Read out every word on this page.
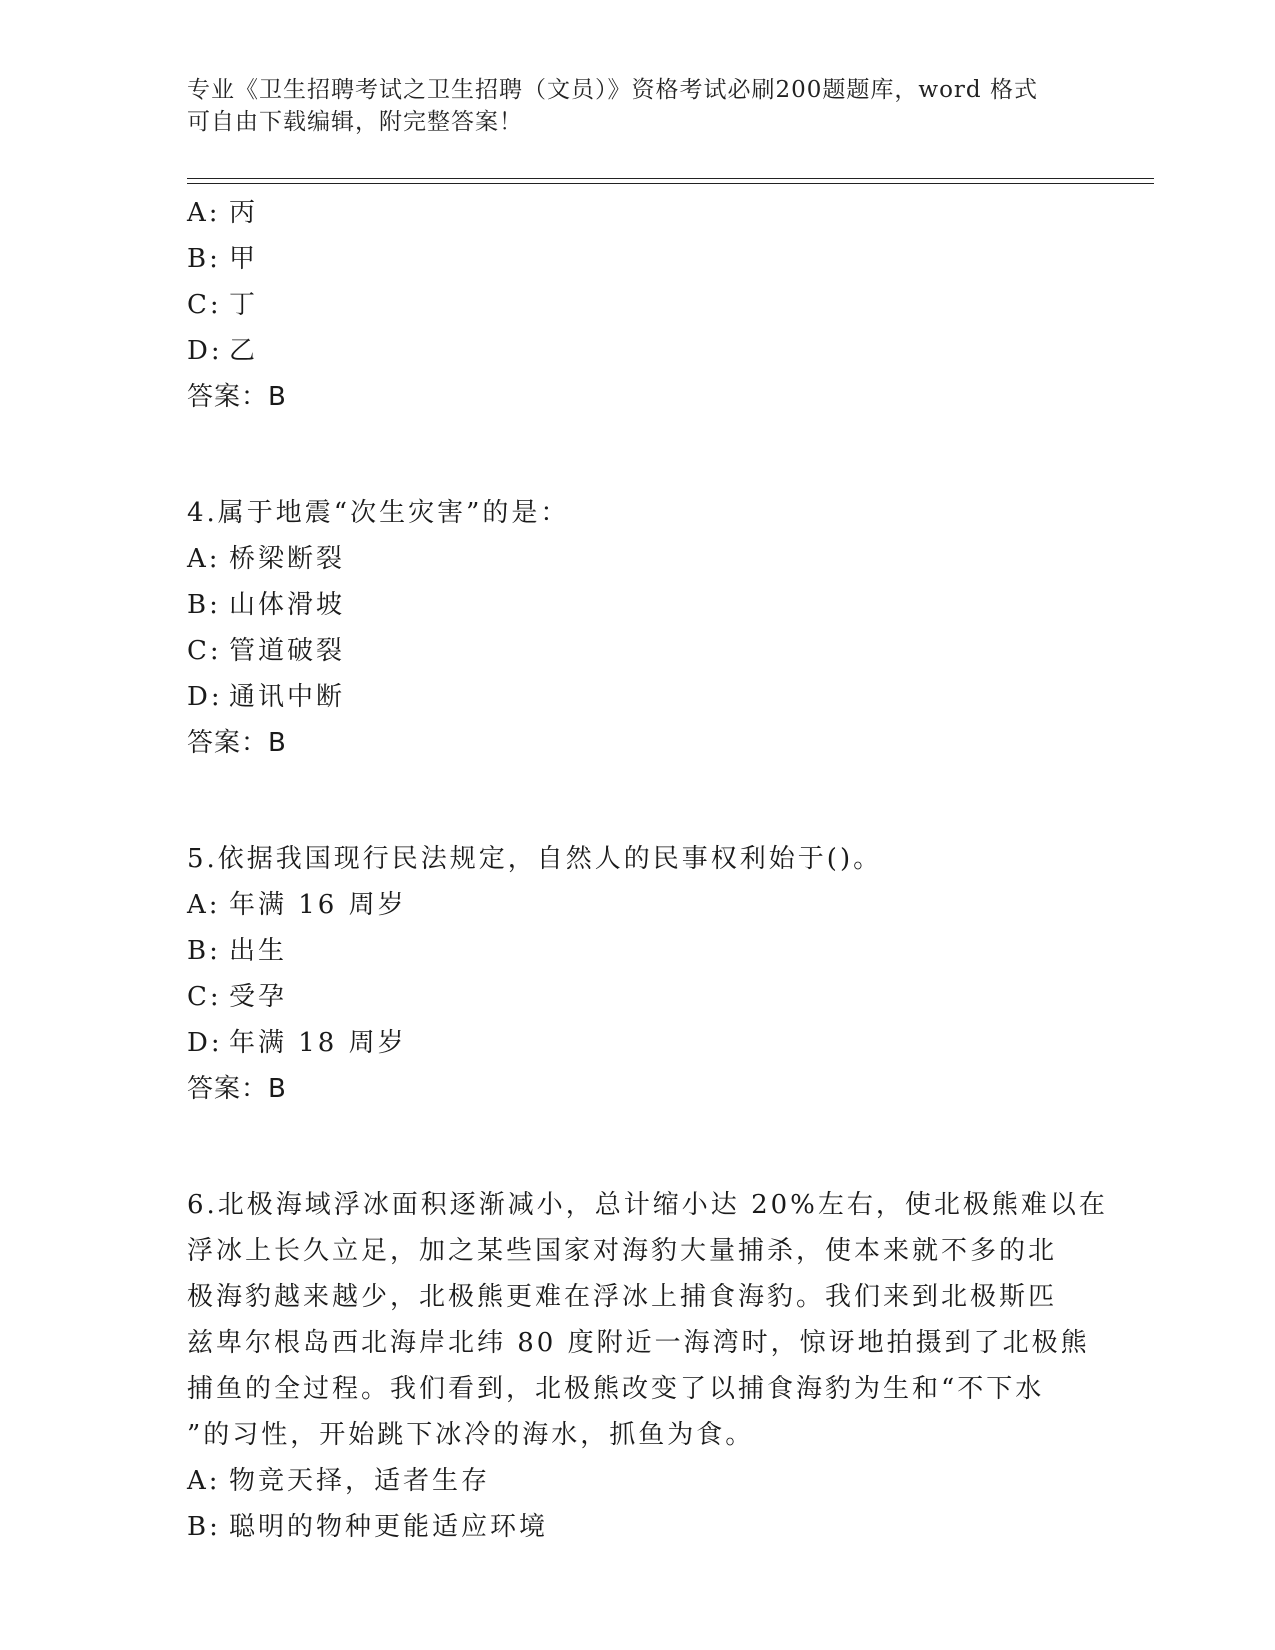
专业《卫生招聘考试之卫生招聘（文员）》资格考试必刷200题题库，word 格式
可自由下载编辑，附完整答案！
A: 丙
B: 甲
C: 丁
D: 乙
答案：B
4.属于地震“次生灾害”的是：
A: 桥梁断裂
B: 山体滑坡
C: 管道破裂
D: 通讯中断
答案：B
5.依据我国现行民法规定，自然人的民事权利始于()。
A: 年满 16 周岁
B: 出生
C: 受孕
D: 年满 18 周岁
答案：B
6.北极海域浮冰面积逐渐减小，总计缩小达 20%左右，使北极熊难以在
浮冰上长久立足，加之某些国家对海豹大量捕杀，使本来就不多的北
极海豹越来越少，北极熊更难在浮冰上捕食海豹。我们来到北极斯匹
兹卑尔根岛西北海岸北纬 80 度附近一海湾时，惊讶地拍摄到了北极熊
捕鱼的全过程。我们看到，北极熊改变了以捕食海豹为生和“不下水
”的习性，开始跳下冰冷的海水，抓鱼为食。
A: 物竞天择，适者生存
B: 聪明的物种更能适应环境
